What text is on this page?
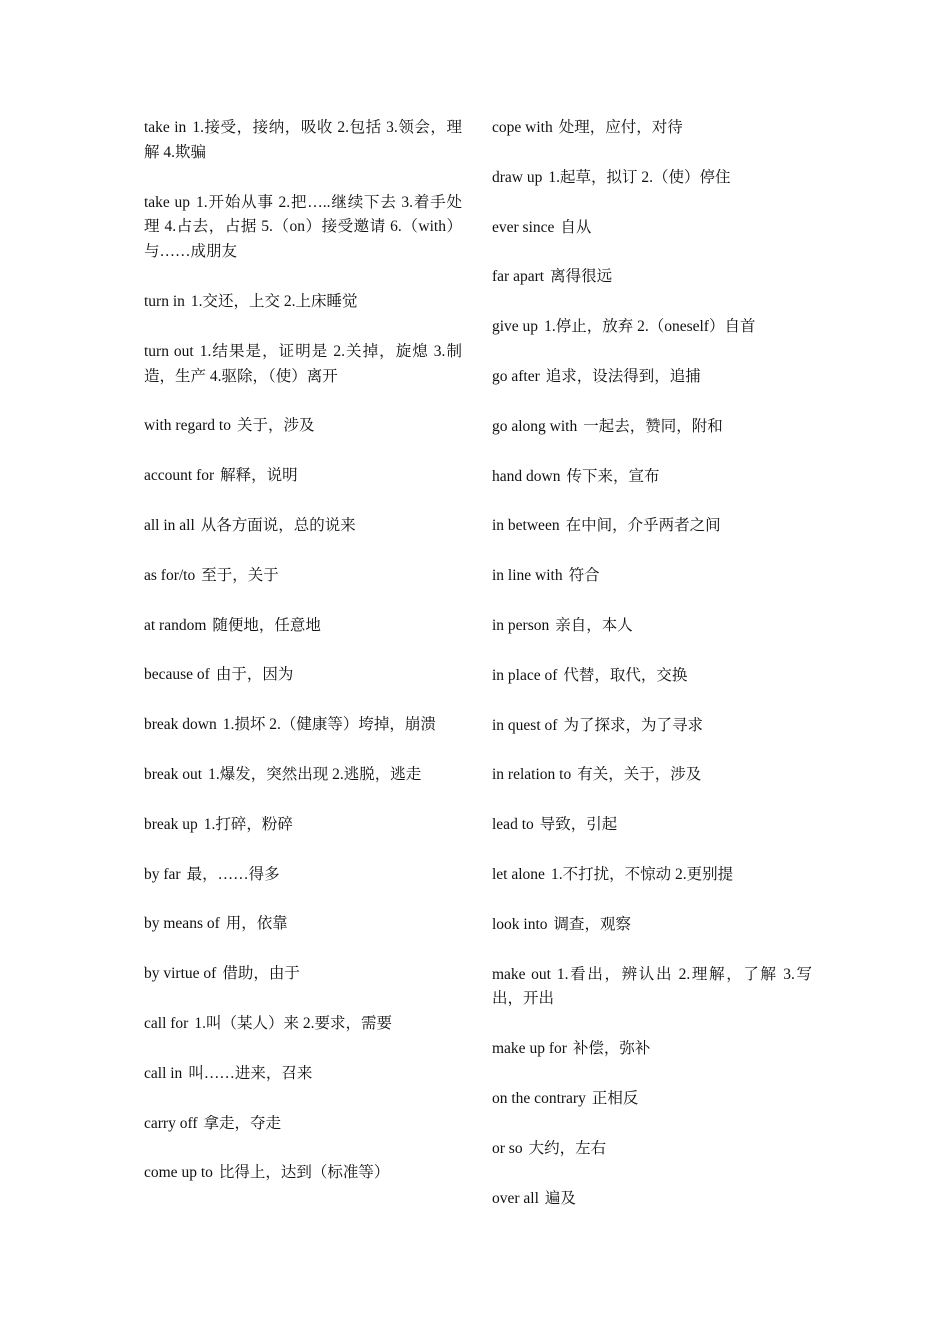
take in 1.接受，接纳，吸收 2.包括 3.领会，理解 4.欺骗

take up 1.开始从事 2.把…..继续下去 3.着手处理 4.占去，占据 5.（on）接受邀请 6.（with）与……成朋友

turn in 1.交还，上交 2.上床睡觉

turn out 1.结果是，证明是 2.关掉，旋熄 3.制造，生产 4.驱除，（使）离开

with regard to 关于，涉及

account for 解释，说明

all in all 从各方面说，总的说来

as for/to 至于，关于

at random 随便地，任意地

because of 由于，因为

break down 1.损坏 2.（健康等）垮掉，崩溃

break out 1.爆发，突然出现 2.逃脱，逃走

break up 1.打碎，粉碎

by far 最，……得多

by means of 用，依靠

by virtue of 借助，由于

call for 1.叫（某人）来 2.要求，需要

call in 叫……进来，召来

carry off 拿走，夺走

come up to 比得上，达到（标准等）

cope with 处理，应付，对待

draw up 1.起草，拟订 2.（使）停住

ever since 自从

far apart 离得很远

give up 1.停止，放弃 2.（oneself）自首

go after 追求，设法得到，追捕

go along with 一起去，赞同，附和

hand down 传下来，宣布

in between 在中间，介乎两者之间

in line with 符合

in person 亲自，本人

in place of 代替，取代，交换

in quest of 为了探求，为了寻求

in relation to 有关，关于，涉及

lead to 导致，引起

let alone 1.不打扰，不惊动 2.更别提

look into 调查，观察

make out 1.看出，辨认出 2.理解，了解 3.写出，开出

make up for 补偿，弥补

on the contrary 正相反

or so 大约，左右

over all 遍及
